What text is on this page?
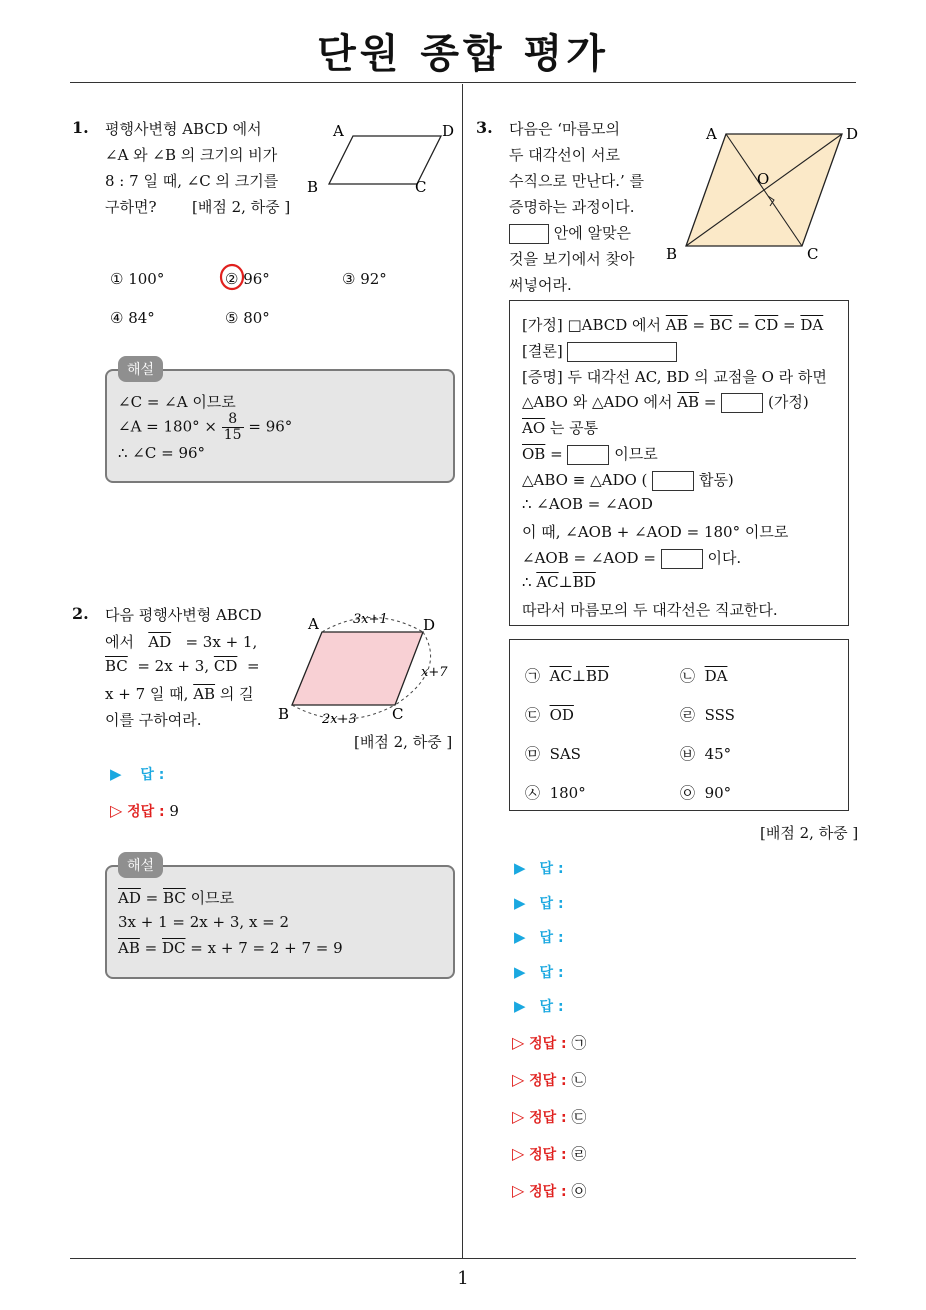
단원 종합 평가
1
1. 평행사변형 ABCD 에서
∠A 와 ∠B 의 크기의 비가
8 : 7 일 때, ∠C 의 크기를
구하면? [배점 2, 하중 ]
A	D
B	C
① 100°	② 96°	③ 92°
④ 84°	⑤ 80°
해설
∠C = ∠A 이므로
∠A = $180^\circ \times \frac{8}{15} = 96^\circ$
∴ ∠C = 96°
2. 다음 평행사변형 ABCD
에서 $\overline{AD} = 3x + 1$,
$\overline{BC} = 2x + 3$, $\overline{CD}$ =
x + 7 일 때, $\overline{AB}$ 의 길
이를 구하여라.
A	D
B	C
3x+1
x+7
2x+3
[배점 2, 하중 ]
▶ 답 :
▷ 정답 : 9
해설
$\overline{AD} = \overline{BC}$ 이므로
3x + 1 = 2x + 3, x = 2
$\overline{AB} = \overline{DC} = x + 7 = 2 + 7 = 9$
3. 다음은 ‘마름모의
두 대각선이 서로
수직으로 만난다.’ 를
증명하는 과정이다.
안에 알맞은
것을 보기에서 찾아
써넣어라.
A	D
B	C
O
[가정] □ABCD 에서 $\overline{AB} = \overline{BC} = \overline{CD} = \overline{DA}$
[결론]
[증명] 두 대각선 AC, BD 의 교점을 O 라 하면
△ABO 와 △ADO 에서 $\overline{AB}$ =	(가정)
$\overline{AO}$ 는 공통
$\overline{OB}$ =	이므로
△ABO ≡ △ADO (	합동)
∴ ∠AOB = ∠AOD
이 때, ∠AOB + ∠AOD = 180° 이므로
∠AOB = ∠AOD =	이다.
∴ $\overline{AC}\perp\overline{BD}$
따라서 마름모의 두 대각선은 직교한다.
㉠ $\overline{AC}\perp\overline{BD}$	㉡ $\overline{DA}$
㉢ $\overline{OD}$	㉣ SSS
㉤ SAS	㉥ 45°
㉦ 180°	㉧ 90°
[배점 2, 하중 ]
▶ 답 :
▶ 답 :
▶ 답 :
▶ 답 :
▶ 답 :
▷ 정답 : ㉠
▷ 정답 : ㉡
▷ 정답 : ㉢
▷ 정답 : ㉣
▷ 정답 : ㉧
